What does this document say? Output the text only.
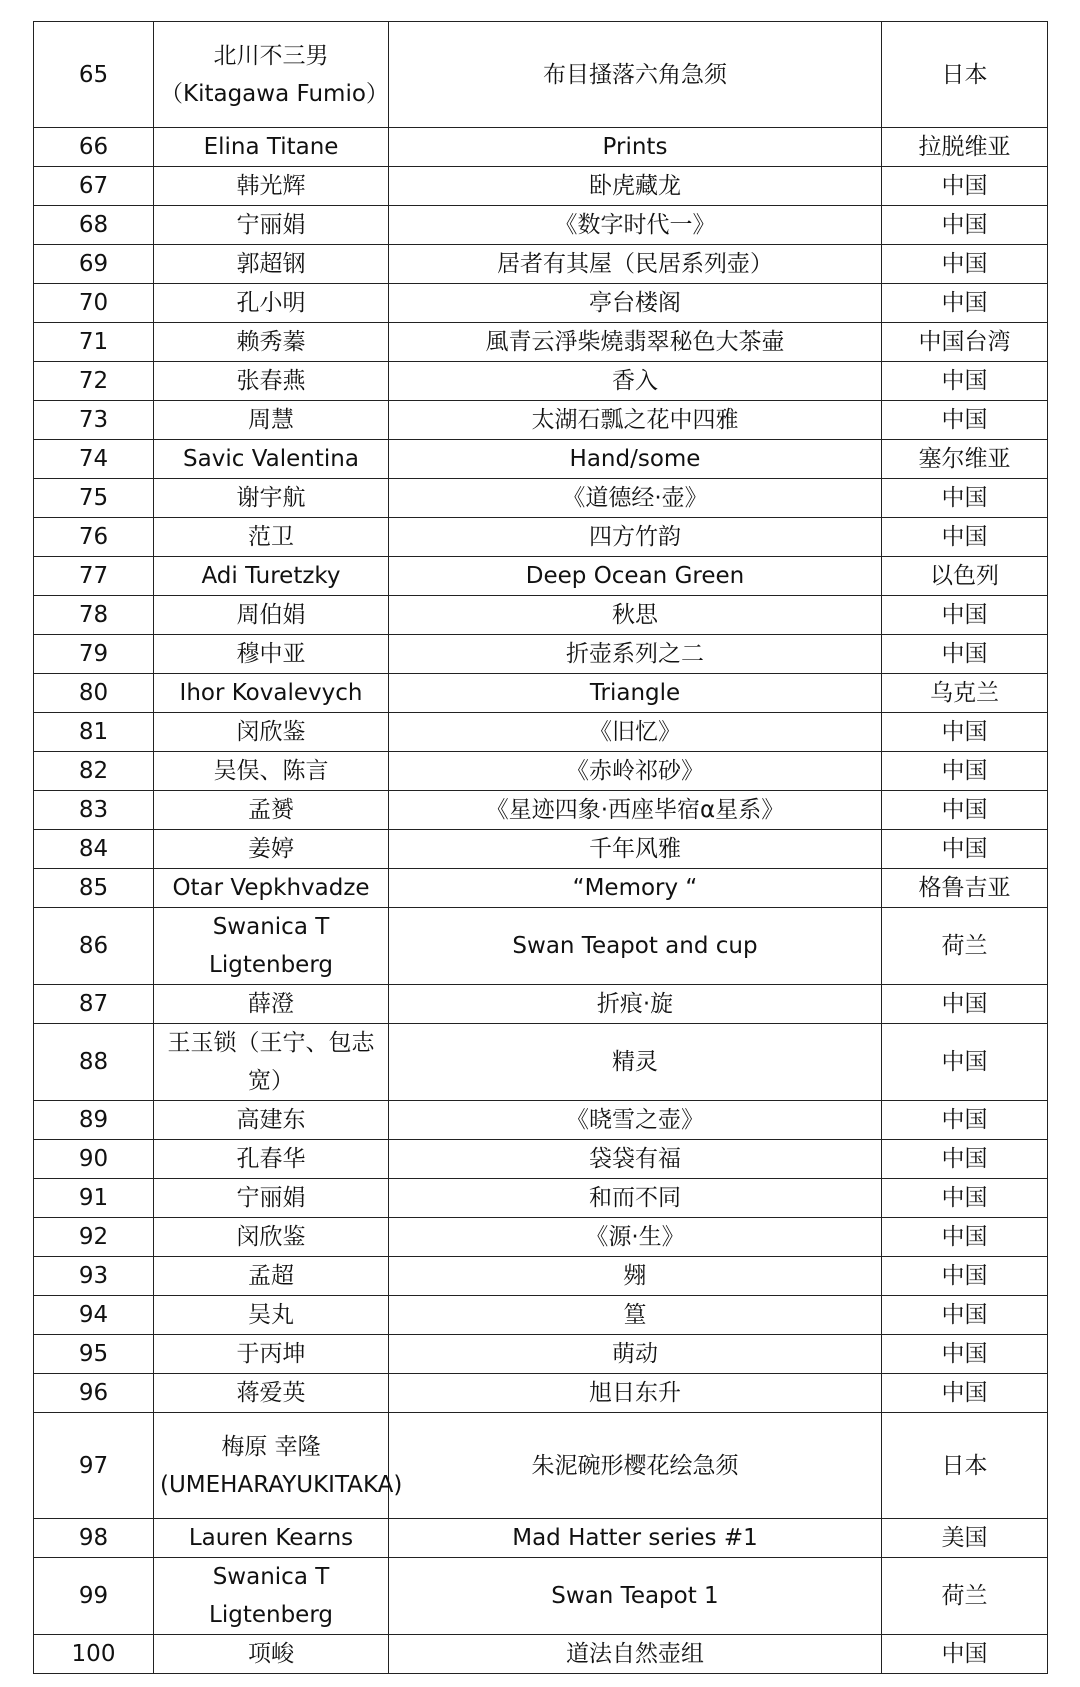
65	北川不三男（Kitagawa Fumio）	布目搔落六角急须	日本
66	Elina Titane	Prints	拉脱维亚
67	韩光辉	卧虎藏龙	中国
68	宁丽娟	《数字时代一》	中国
69	郭超钢	居者有其屋（民居系列壶）	中国
70	孔小明	亭台楼阁	中国
71	赖秀蓁	風青云淨柴燒翡翠秘色大茶壷	中国台湾
72	张春燕	香入	中国
73	周慧	太湖石瓢之花中四雅	中国
74	Savic Valentina	Hand/some	塞尔维亚
75	谢宇航	《道德经·壶》	中国
76	范卫	四方竹韵	中国
77	Adi Turetzky	Deep Ocean Green	以色列
78	周伯娟	秋思	中国
79	穆中亚	折壶系列之二	中国
80	Ihor Kovalevych	Triangle	乌克兰
81	闵欣鉴	《旧忆》	中国
82	吴俣、陈言	《赤岭祁砂》	中国
83	孟赟	《星迹四象·西座毕宿α星系》	中国
84	姜婷	千年风雅	中国
85	Otar Vepkhvadze	“Memory “	格鲁吉亚
86	Swanica T Ligtenberg	Swan Teapot and cup	荷兰
87	薛澄	折痕·旋	中国
88	王玉锁（王宁、包志宽）	精灵	中国
89	高建东	《晓雪之壶》	中国
90	孔春华	袋袋有福	中国
91	宁丽娟	和而不同	中国
92	闵欣鉴	《源·生》	中国
93	孟超	翙	中国
94	吴丸	篁	中国
95	于丙坤	萌动	中国
96	蒋爱英	旭日东升	中国
97	梅原 幸隆(UMEHARAYUKITAKA)	朱泥碗形樱花绘急须	日本
98	Lauren Kearns	Mad Hatter series #1	美国
99	Swanica T Ligtenberg	Swan Teapot 1	荷兰
100	项峻	道法自然壶组	中国
